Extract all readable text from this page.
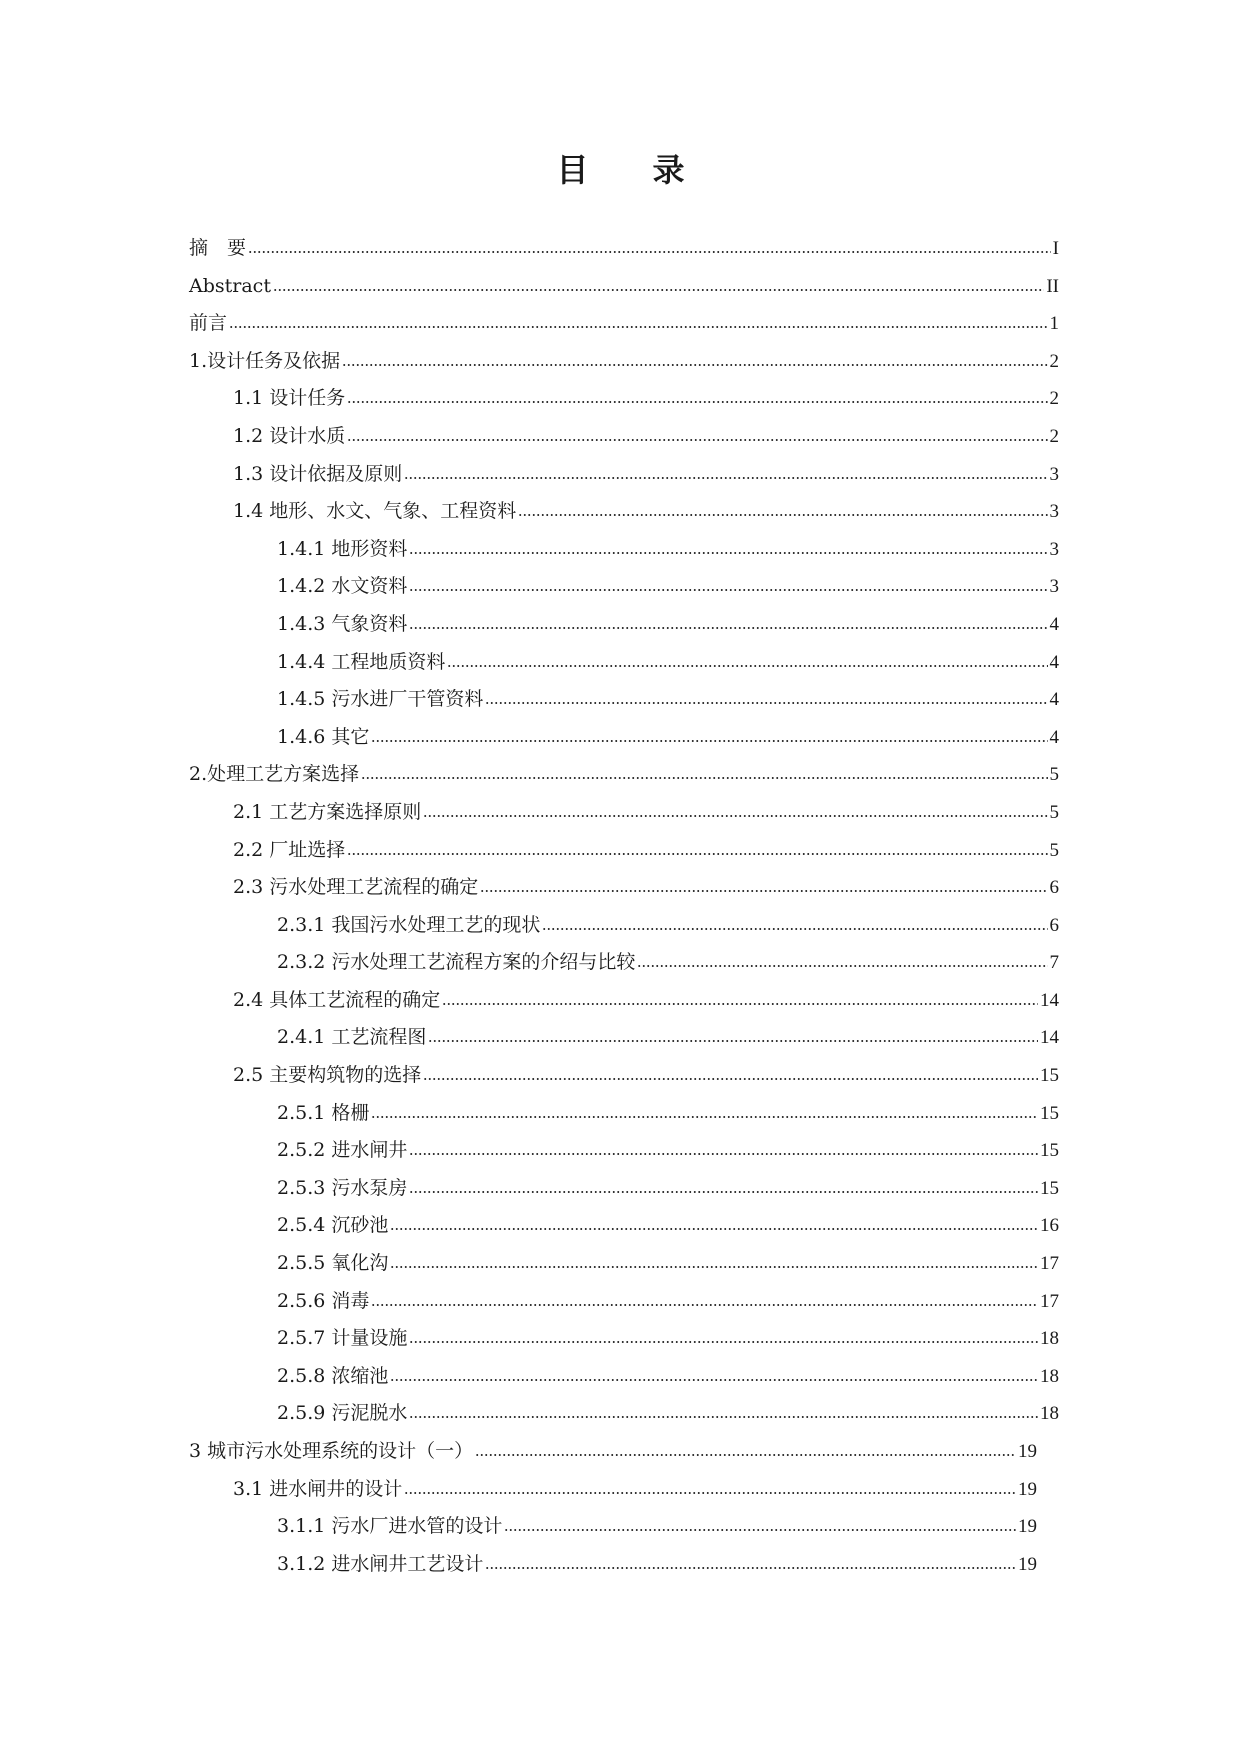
目　录
摘　要	I
Abstract	II
前言	1
1.设计任务及依据	2
1.1 设计任务	2
1.2 设计水质	2
1.3 设计依据及原则	3
1.4 地形、水文、气象、工程资料	3
1.4.1 地形资料	3
1.4.2 水文资料	3
1.4.3 气象资料	4
1.4.4 工程地质资料	4
1.4.5 污水进厂干管资料	4
1.4.6 其它	4
2.处理工艺方案选择	5
2.1 工艺方案选择原则	5
2.2 厂址选择	5
2.3 污水处理工艺流程的确定	6
2.3.1 我国污水处理工艺的现状	6
2.3.2 污水处理工艺流程方案的介绍与比较	7
2.4 具体工艺流程的确定	14
2.4.1 工艺流程图	14
2.5 主要构筑物的选择	15
2.5.1 格栅	15
2.5.2 进水闸井	15
2.5.3 污水泵房	15
2.5.4 沉砂池	16
2.5.5 氧化沟	17
2.5.6 消毒	17
2.5.7 计量设施	18
2.5.8 浓缩池	18
2.5.9 污泥脱水	18
3 城市污水处理系统的设计（一）	19
3.1 进水闸井的设计	19
3.1.1 污水厂进水管的设计	19
3.1.2 进水闸井工艺设计	19
